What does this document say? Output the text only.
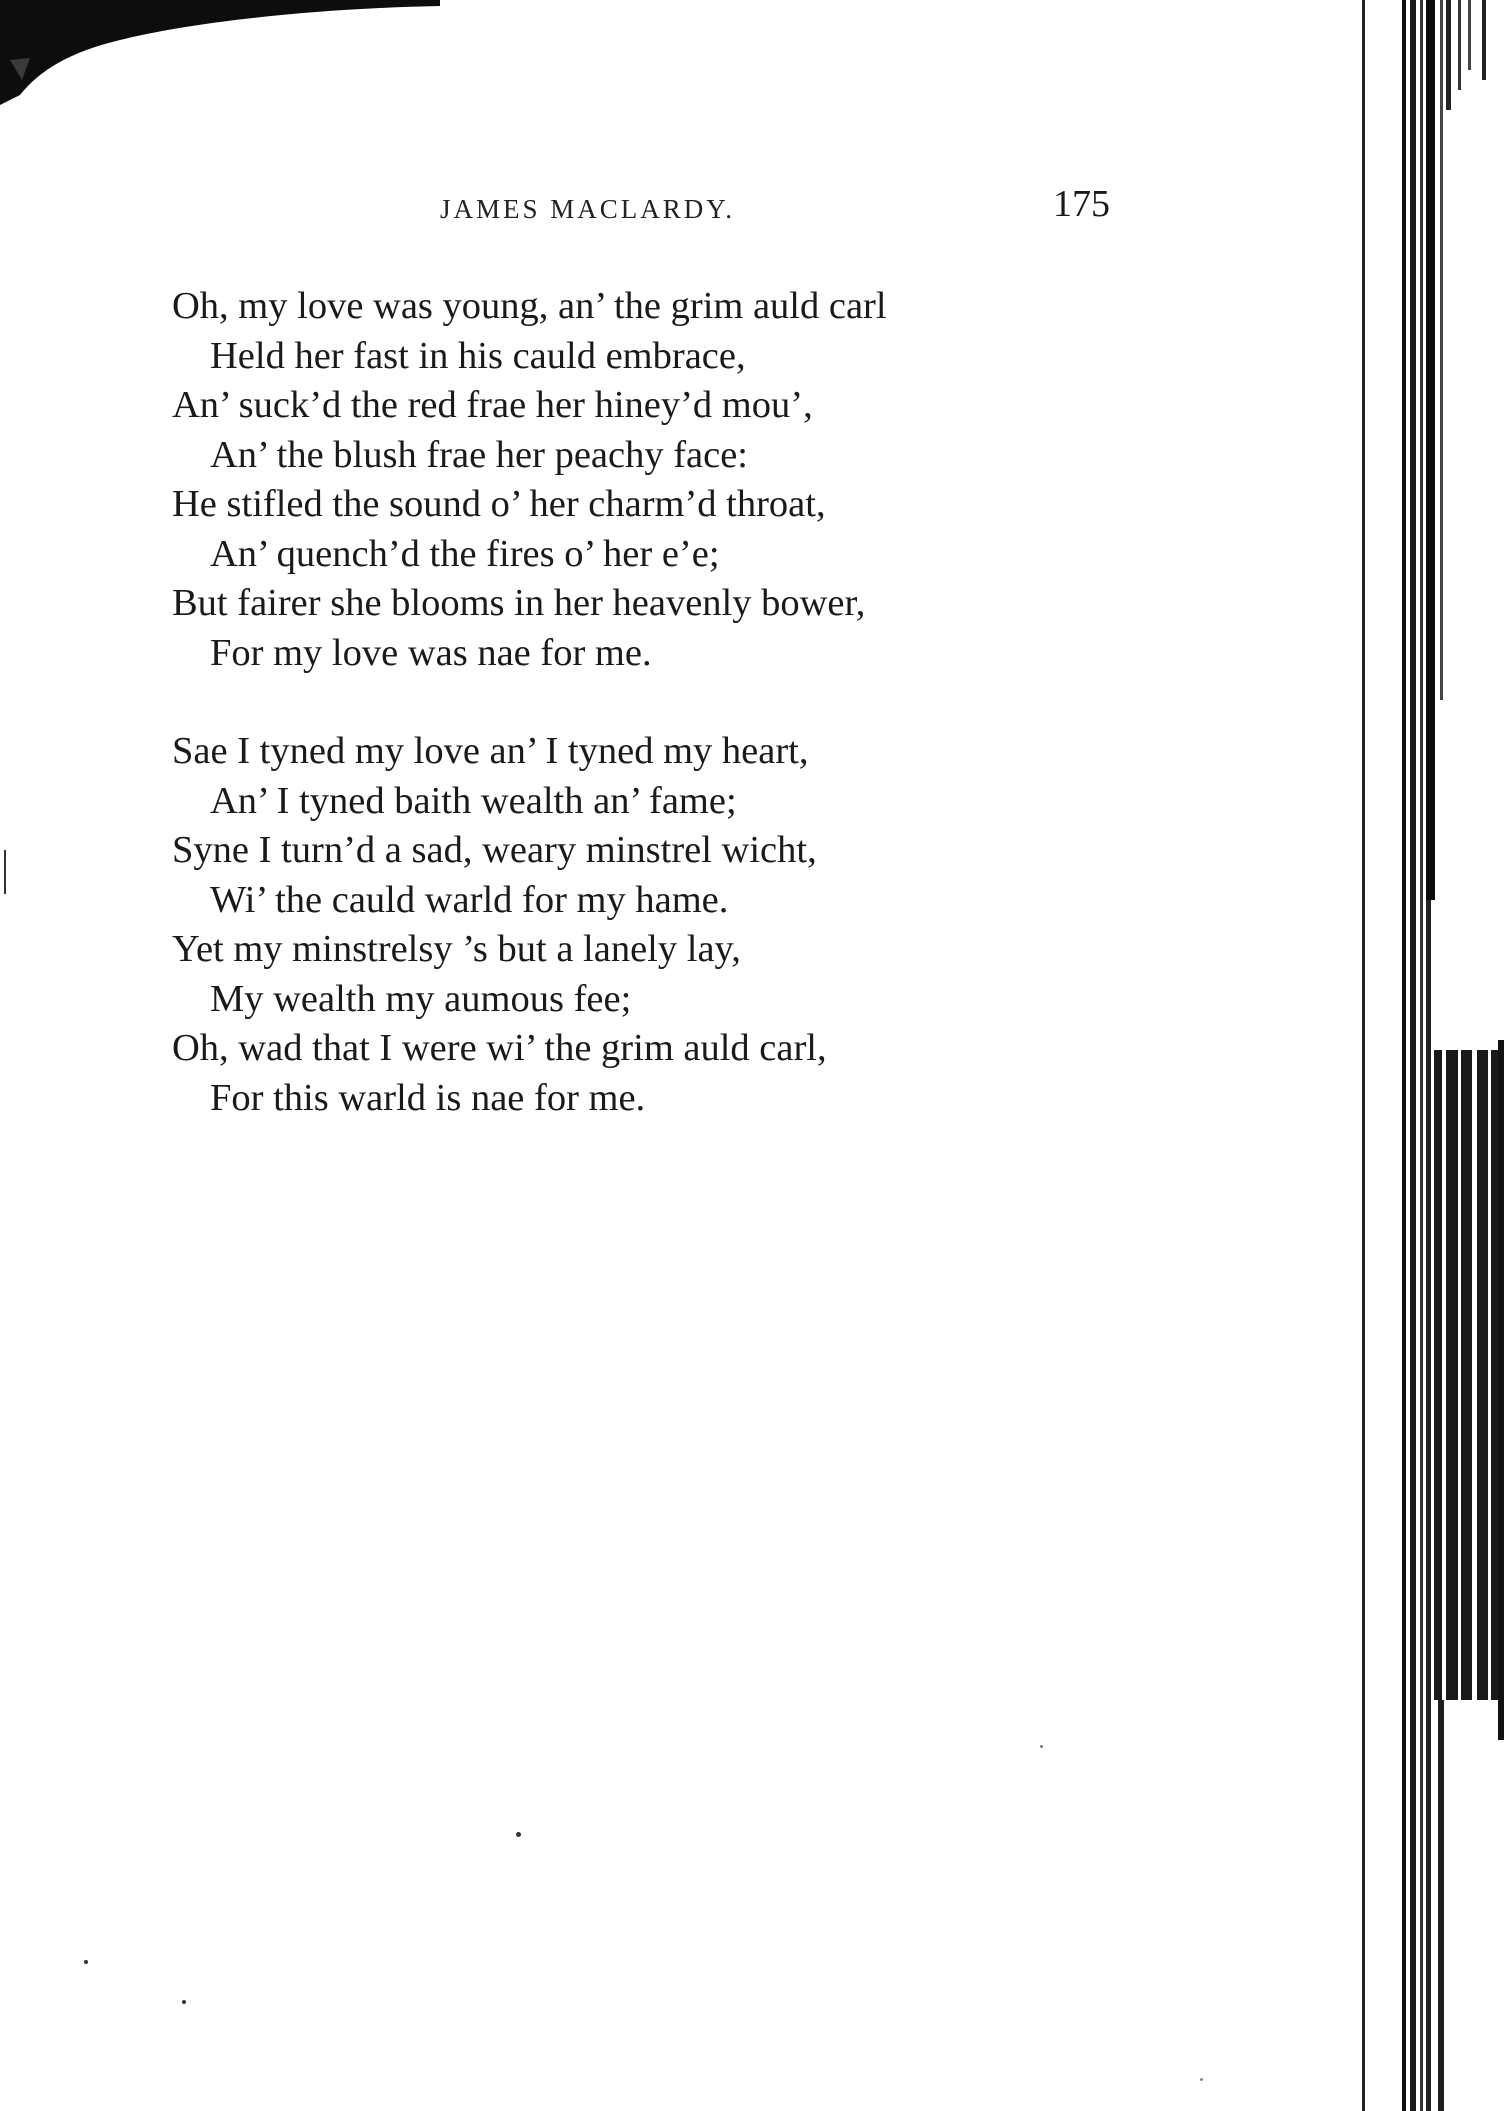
JAMES MACLARDY.	175
Oh, my love was young, an’ the grim auld carl
Held her fast in his cauld embrace,
An’ suck’d the red frae her hiney’d mou’,
An’ the blush frae her peachy face:
He stifled the sound o’ her charm’d throat,
An’ quench’d the fires o’ her e’e;
But fairer she blooms in her heavenly bower,
For my love was nae for me.
Sae I tyned my love an’ I tyned my heart,
An’ I tyned baith wealth an’ fame;
Syne I turn’d a sad, weary minstrel wicht,
Wi’ the cauld warld for my hame.
Yet my minstrelsy ’s but a lanely lay,
My wealth my aumous fee;
Oh, wad that I were wi’ the grim auld carl,
For this warld is nae for me.
